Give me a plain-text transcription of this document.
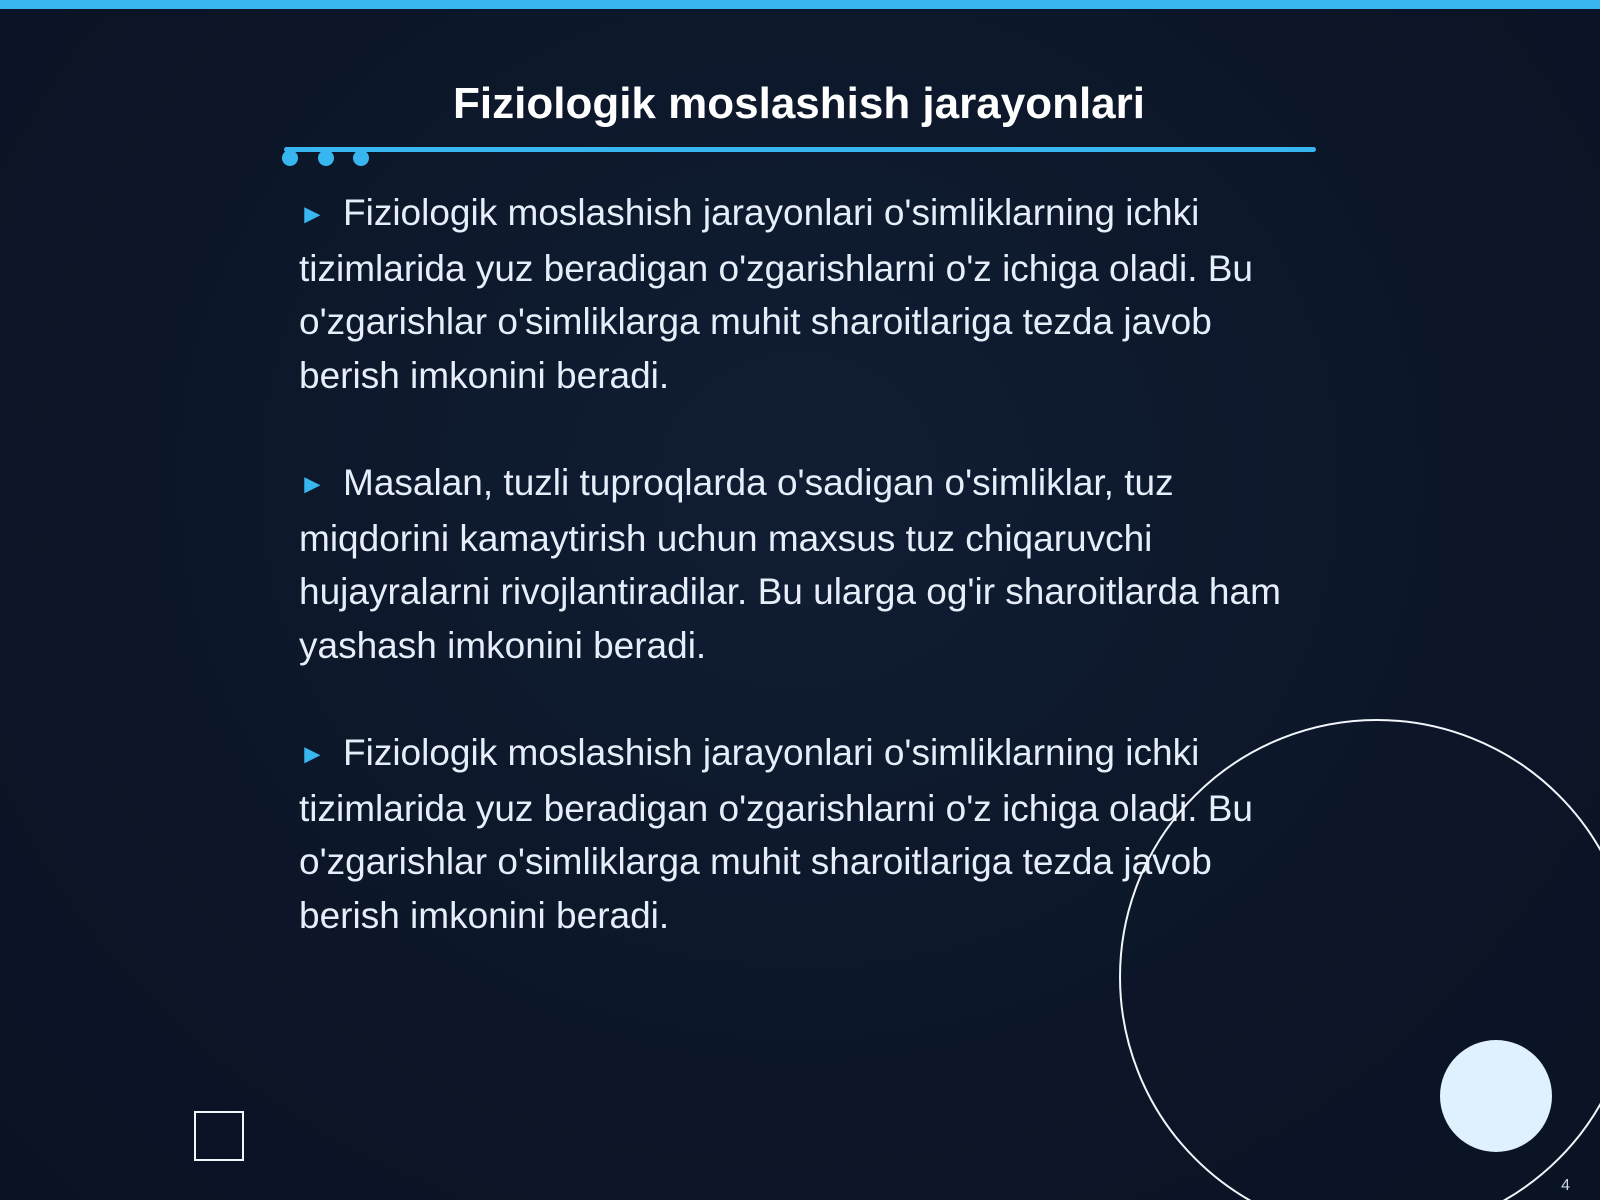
Fiziologik moslashish jarayonlari
► Fiziologik moslashish jarayonlari o'simliklarning ichki tizimlarida yuz beradigan o'zgarishlarni o'z ichiga oladi. Bu o'zgarishlar o'simliklarga muhit sharoitlariga tezda javob berish imkonini beradi.
► Masalan, tuzli tuproqlarda o'sadigan o'simliklar, tuz miqdorini kamaytirish uchun maxsus tuz chiqaruvchi hujayralarni rivojlantiradilar. Bu ularga og'ir sharoitlarda ham yashash imkonini beradi.
► Fiziologik moslashish jarayonlari o'simliklarning ichki tizimlarida yuz beradigan o'zgarishlarni o'z ichiga oladi. Bu o'zgarishlar o'simliklarga muhit sharoitlariga tezda javob berish imkonini beradi.
4
